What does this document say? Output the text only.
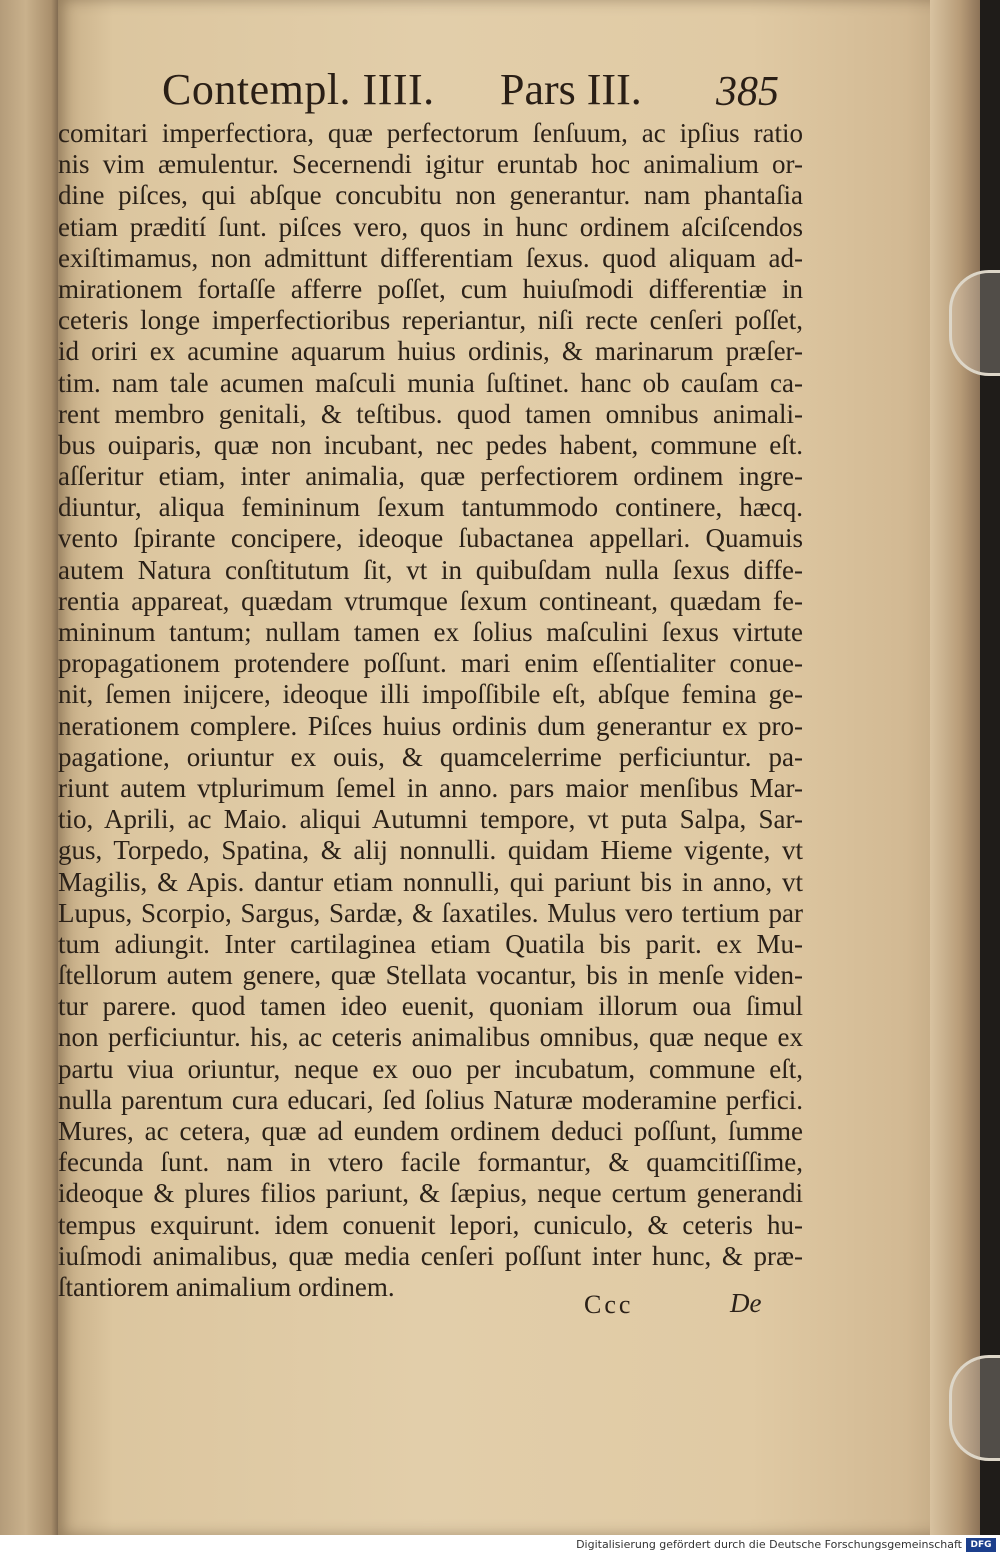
Contempl. IIII. Pars III. 385
comitari imperfectiora, quæ perfectorum ſenſuum, ac ipſius ratio
nis vim æmulentur. Secernendi igitur eruntab hoc animalium or-
dine piſces, qui abſque concubitu non generantur. nam phantaſia
etiam prædití ſunt. piſces vero, quos in hunc ordinem aſciſcendos
exiſtimamus, non admittunt differentiam ſexus. quod aliquam ad-
mirationem fortaſſe afferre poſſet, cum huiuſmodi differentiæ in
ceteris longe imperfectioribus reperiantur, niſi recte cenſeri poſſet,
id oriri ex acumine aquarum huius ordinis, & marinarum præſer-
tim. nam tale acumen maſculi munia ſuſtinet. hanc ob cauſam ca-
rent membro genitali, & teſtibus. quod tamen omnibus animali-
bus ouiparis, quæ non incubant, nec pedes habent, commune eſt.
aſſeritur etiam, inter animalia, quæ perfectiorem ordinem ingre-
diuntur, aliqua femininum ſexum tantummodo continere, hæcq.
vento ſpirante concipere, ideoque ſubactanea appellari. Quamuis
autem Natura conſtitutum ſit, vt in quibuſdam nulla ſexus diffe-
rentia appareat, quædam vtrumque ſexum contineant, quædam fe-
mininum tantum; nullam tamen ex ſolius maſculini ſexus virtute
propagationem protendere poſſunt. mari enim eſſentialiter conue-
nit, ſemen inijcere, ideoque illi impoſſibile eſt, abſque femina ge-
nerationem complere. Piſces huius ordinis dum generantur ex pro-
pagatione, oriuntur ex ouis, & quamcelerrime perficiuntur. pa-
riunt autem vtplurimum ſemel in anno. pars maior menſibus Mar-
tio, Aprili, ac Maio. aliqui Autumni tempore, vt puta Salpa, Sar-
gus, Torpedo, Spatina, & alij nonnulli. quidam Hieme vigente, vt
Magilis, & Apis. dantur etiam nonnulli, qui pariunt bis in anno, vt
Lupus, Scorpio, Sargus, Sardæ, & ſaxatiles. Mulus vero tertium par
tum adiungit. Inter cartilaginea etiam Quatila bis parit. ex Mu-
ſtellorum autem genere, quæ Stellata vocantur, bis in menſe viden-
tur parere. quod tamen ideo euenit, quoniam illorum oua ſimul
non perficiuntur. his, ac ceteris animalibus omnibus, quæ neque ex
partu viua oriuntur, neque ex ouo per incubatum, commune eſt,
nulla parentum cura educari, ſed ſolius Naturæ moderamine perfici.
Mures, ac cetera, quæ ad eundem ordinem deduci poſſunt, ſumme
fecunda ſunt. nam in vtero facile formantur, & quamcitiſſime,
ideoque & plures filios pariunt, & ſæpius, neque certum generandi
tempus exquirunt. idem conuenit lepori, cuniculo, & ceteris hu-
iuſmodi animalibus, quæ media cenſeri poſſunt inter hunc, & præ-
ſtantiorem animalium ordinem.
Ccc	De
Digitalisierung gefördert durch die Deutsche Forschungsgemeinschaft DFG
